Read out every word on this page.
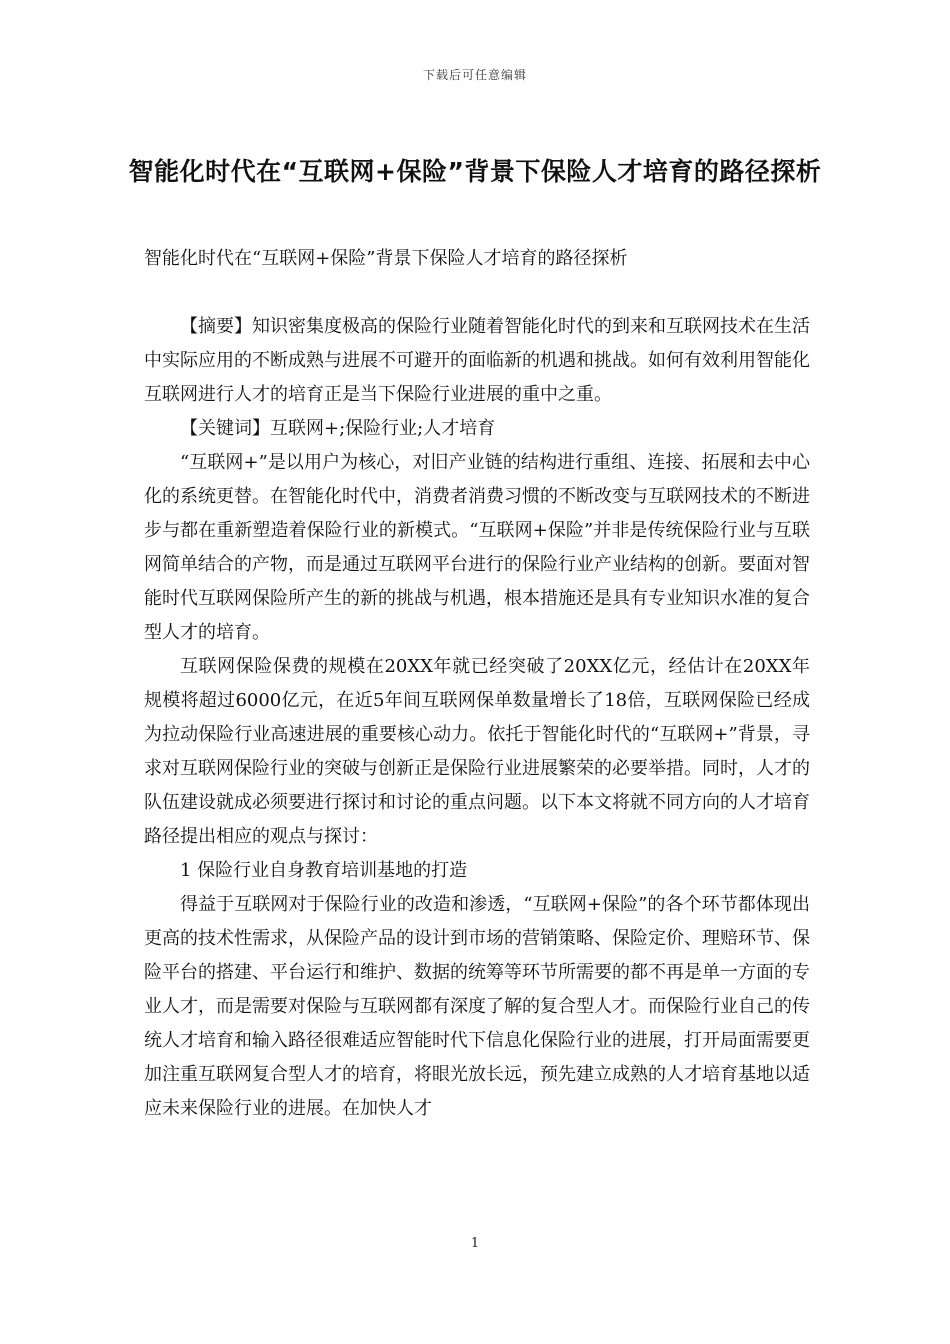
下载后可任意编辑
智能化时代在“互联网+保险”背景下保险人才培育的路径探析

智能化时代在“互联网+保险”背景下保险人才培育的路径探析

【摘要】知识密集度极高的保险行业随着智能化时代的到来和互联网技术在生活中实际应用的不断成熟与进展不可避开的面临新的机遇和挑战。如何有效利用智能化互联网进行人才的培育正是当下保险行业进展的重中之重。

【关键词】互联网+;保险行业;人才培育

“互联网+”是以用户为核心，对旧产业链的结构进行重组、连接、拓展和去中心化的系统更替。在智能化时代中，消费者消费习惯的不断改变与互联网技术的不断进步与都在重新塑造着保险行业的新模式。“互联网+保险”并非是传统保险行业与互联网简单结合的产物，而是通过互联网平台进行的保险行业产业结构的创新。要面对智能时代互联网保险所产生的新的挑战与机遇，根本措施还是具有专业知识水准的复合型人才的培育。

互联网保险保费的规模在20XX年就已经突破了20XX亿元，经估计在20XX年规模将超过6000亿元，在近5年间互联网保单数量增长了18倍，互联网保险已经成为拉动保险行业高速进展的重要核心动力。依托于智能化时代的“互联网+”背景，寻求对互联网保险行业的突破与创新正是保险行业进展繁荣的必要举措。同时，人才的队伍建设就成必须要进行探讨和讨论的重点问题。以下本文将就不同方向的人才培育路径提出相应的观点与探讨：

1 保险行业自身教育培训基地的打造

得益于互联网对于保险行业的改造和渗透，“互联网+保险”的各个环节都体现出更高的技术性需求，从保险产品的设计到市场的营销策略、保险定价、理赔环节、保险平台的搭建、平台运行和维护、数据的统筹等环节所需要的都不再是单一方面的专业人才，而是需要对保险与互联网都有深度了解的复合型人才。而保险行业自己的传统人才培育和输入路径很难适应智能时代下信息化保险行业的进展，打开局面需要更加注重互联网复合型人才的培育，将眼光放长远，预先建立成熟的人才培育基地以适应未来保险行业的进展。在加快人才

1
